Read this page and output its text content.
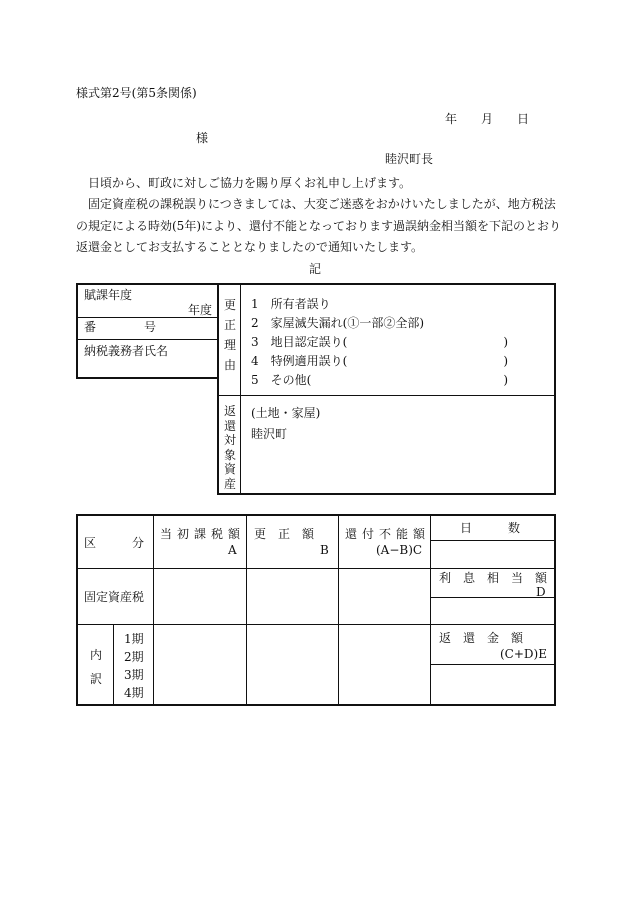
様式第2号(第5条関係)
年　　月　　日
様
睦沢町長
日頃から、町政に対しご協力を賜り厚くお礼申し上げます。
固定資産税の課税誤りにつきましては、大変ご迷惑をおかけいたしましたが、地方税法の規定による時効(5年)により、還付不能となっております過誤納金相当額を下記のとおり返還金としてお支払することとなりましたので通知いたします。
記
賦課年度
年度
番　　　　号
納税義務者氏名
更正理由
1　所有者誤り
2　家屋滅失漏れ(①一部②全部)
3　地目認定誤り(　　　　　　　　　　　　　)
4　特例適用誤り(　　　　　　　　　　　　　)
5　その他(　　　　　　　　　　　　　　　　)
返還対象資産
(土地・家屋)
睦沢町
区　　　分
当初課税額
A
更　正　額
B
還付不能額
(A−B)C
日　　　数
固定資産税
利　息　相　当　額
D
内訳
1期
2期
3期
4期
返　還　金　額
(C+D)E
